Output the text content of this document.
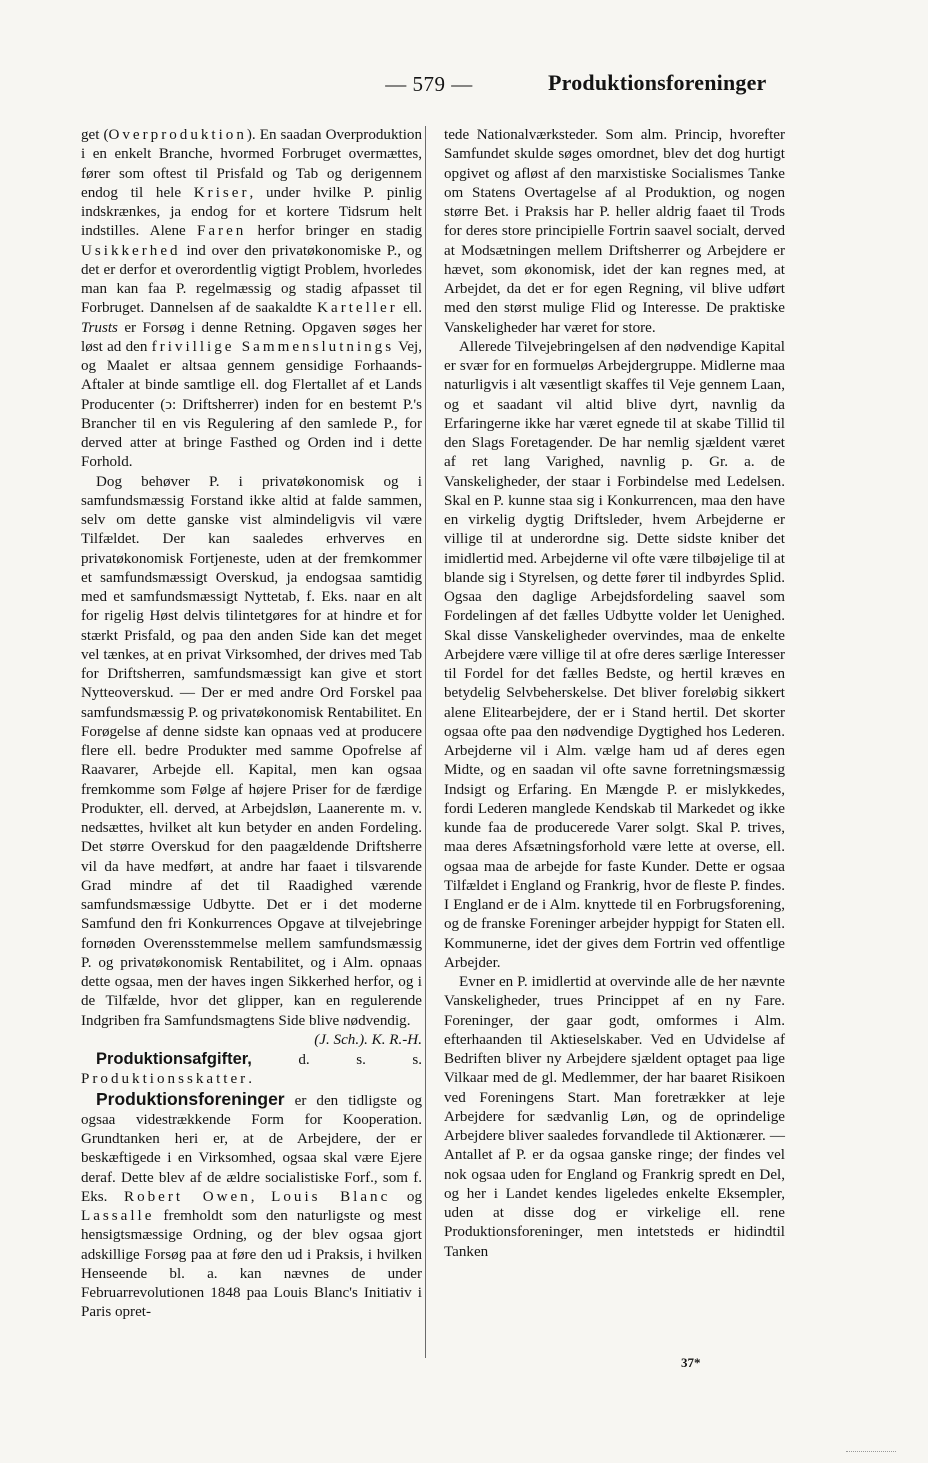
— 579 —	Produktionsforeninger

get (Overproduktion). En saadan Overproduktion i en enkelt Branche, hvormed Forbruget overmættes, fører som oftest til Prisfald og Tab og derigennem endog til hele Kriser, under hvilke P. pinlig indskrænkes, ja endog for et kortere Tidsrum helt indstilles. Alene Faren herfor bringer en stadig Usikkerhed ind over den privatøkonomiske P., og det er derfor et overordentlig vigtigt Problem, hvorledes man kan faa P. regelmæssig og stadig afpasset til Forbruget. Dannelsen af de saakaldte Karteller ell. Trusts er Forsøg i denne Retning. Opgaven søges her løst ad den frivillige Sammenslutnings Vej, og Maalet er altsaa gennem gensidige Forhaands-Aftaler at binde samtlige ell. dog Flertallet af et Lands Producenter (ↄ: Driftsherrer) inden for en bestemt P.'s Brancher til en vis Regulering af den samlede P., for derved atter at bringe Fasthed og Orden ind i dette Forhold.

Dog behøver P. i privatøkonomisk og i samfundsmæssig Forstand ikke altid at falde sammen, selv om dette ganske vist almindeligvis vil være Tilfældet. Der kan saaledes erhverves en privatøkonomisk Fortjeneste, uden at der fremkommer et samfundsmæssigt Overskud, ja endogsaa samtidig med et samfundsmæssigt Nyttetab, f. Eks. naar en alt for rigelig Høst delvis tilintetgøres for at hindre et for stærkt Prisfald, og paa den anden Side kan det meget vel tænkes, at en privat Virksomhed, der drives med Tab for Driftsherren, samfundsmæssigt kan give et stort Nytteoverskud. — Der er med andre Ord Forskel paa samfundsmæssig P. og privatøkonomisk Rentabilitet. En Forøgelse af denne sidste kan opnaas ved at producere flere ell. bedre Produkter med samme Opofrelse af Raavarer, Arbejde ell. Kapital, men kan ogsaa fremkomme som Følge af højere Priser for de færdige Produkter, ell. derved, at Arbejdsløn, Laanerente m. v. nedsættes, hvilket alt kun betyder en anden Fordeling. Det større Overskud for den paagældende Driftsherre vil da have medført, at andre har faaet i tilsvarende Grad mindre af det til Raadighed værende samfundsmæssige Udbytte. Det er i det moderne Samfund den fri Konkurrences Opgave at tilvejebringe fornøden Overensstemmelse mellem samfundsmæssig P. og privatøkonomisk Rentabilitet, og i Alm. opnaas dette ogsaa, men der haves ingen Sikkerhed herfor, og i de Tilfælde, hvor det glipper, kan en regulerende Indgriben fra Samfundsmagtens Side blive nødvendig.

(J. Sch.). K. R.-H.

Produktionsafgifter, d. s. s. Produktionsskatter.

Produktionsforeninger er den tidligste og ogsaa videstrækkende Form for Kooperation. Grundtanken heri er, at de Arbejdere, der er beskæftigede i en Virksomhed, ogsaa skal være Ejere deraf. Dette blev af de ældre socialistiske Forf., som f. Eks. Robert Owen, Louis Blanc og Lassalle fremholdt som den naturligste og mest hensigtsmæssige Ordning, og der blev ogsaa gjort adskillige Forsøg paa at føre den ud i Praksis, i hvilken Henseende bl. a. kan nævnes de under Februarrevolutionen 1848 paa Louis Blanc's Initiativ i Paris opret-

tede Nationalværksteder. Som alm. Princip, hvorefter Samfundet skulde søges omordnet, blev det dog hurtigt opgivet og afløst af den marxistiske Socialismes Tanke om Statens Overtagelse af al Produktion, og nogen større Bet. i Praksis har P. heller aldrig faaet til Trods for deres store principielle Fortrin saavel socialt, derved at Modsætningen mellem Driftsherrer og Arbejdere er hævet, som økonomisk, idet der kan regnes med, at Arbejdet, da det er for egen Regning, vil blive udført med den størst mulige Flid og Interesse. De praktiske Vanskeligheder har været for store.

Allerede Tilvejebringelsen af den nødvendige Kapital er svær for en formueløs Arbejdergruppe. Midlerne maa naturligvis i alt væsentligt skaffes til Veje gennem Laan, og et saadant vil altid blive dyrt, navnlig da Erfaringerne ikke har været egnede til at skabe Tillid til den Slags Foretagender. De har nemlig sjældent været af ret lang Varighed, navnlig p. Gr. a. de Vanskeligheder, der staar i Forbindelse med Ledelsen. Skal en P. kunne staa sig i Konkurrencen, maa den have en virkelig dygtig Driftsleder, hvem Arbejderne er villige til at underordne sig. Dette sidste kniber det imidlertid med. Arbejderne vil ofte være tilbøjelige til at blande sig i Styrelsen, og dette fører til indbyrdes Splid. Ogsaa den daglige Arbejdsfordeling saavel som Fordelingen af det fælles Udbytte volder let Uenighed. Skal disse Vanskeligheder overvindes, maa de enkelte Arbejdere være villige til at ofre deres særlige Interesser til Fordel for det fælles Bedste, og hertil kræves en betydelig Selvbeherskelse. Det bliver foreløbig sikkert alene Elitearbejdere, der er i Stand hertil. Det skorter ogsaa ofte paa den nødvendige Dygtighed hos Lederen. Arbejderne vil i Alm. vælge ham ud af deres egen Midte, og en saadan vil ofte savne forretningsmæssig Indsigt og Erfaring. En Mængde P. er mislykkedes, fordi Lederen manglede Kendskab til Markedet og ikke kunde faa de producerede Varer solgt. Skal P. trives, maa deres Afsætningsforhold være lette at overse, ell. ogsaa maa de arbejde for faste Kunder. Dette er ogsaa Tilfældet i England og Frankrig, hvor de fleste P. findes. I England er de i Alm. knyttede til en Forbrugsforening, og de franske Foreninger arbejder hyppigt for Staten ell. Kommunerne, idet der gives dem Fortrin ved offentlige Arbejder.

Evner en P. imidlertid at overvinde alle de her nævnte Vanskeligheder, trues Princippet af en ny Fare. Foreninger, der gaar godt, omformes i Alm. efterhaanden til Aktieselskaber. Ved en Udvidelse af Bedriften bliver ny Arbejdere sjældent optaget paa lige Vilkaar med de gl. Medlemmer, der har baaret Risikoen ved Foreningens Start. Man foretrækker at leje Arbejdere for sædvanlig Løn, og de oprindelige Arbejdere bliver saaledes forvandlede til Aktionærer. — Antallet af P. er da ogsaa ganske ringe; der findes vel nok ogsaa uden for England og Frankrig spredt en Del, og her i Landet kendes ligeledes enkelte Eksempler, uden at disse dog er virkelige ell. rene Produktionsforeninger, men intetsteds er hidindtil Tanken

37*
